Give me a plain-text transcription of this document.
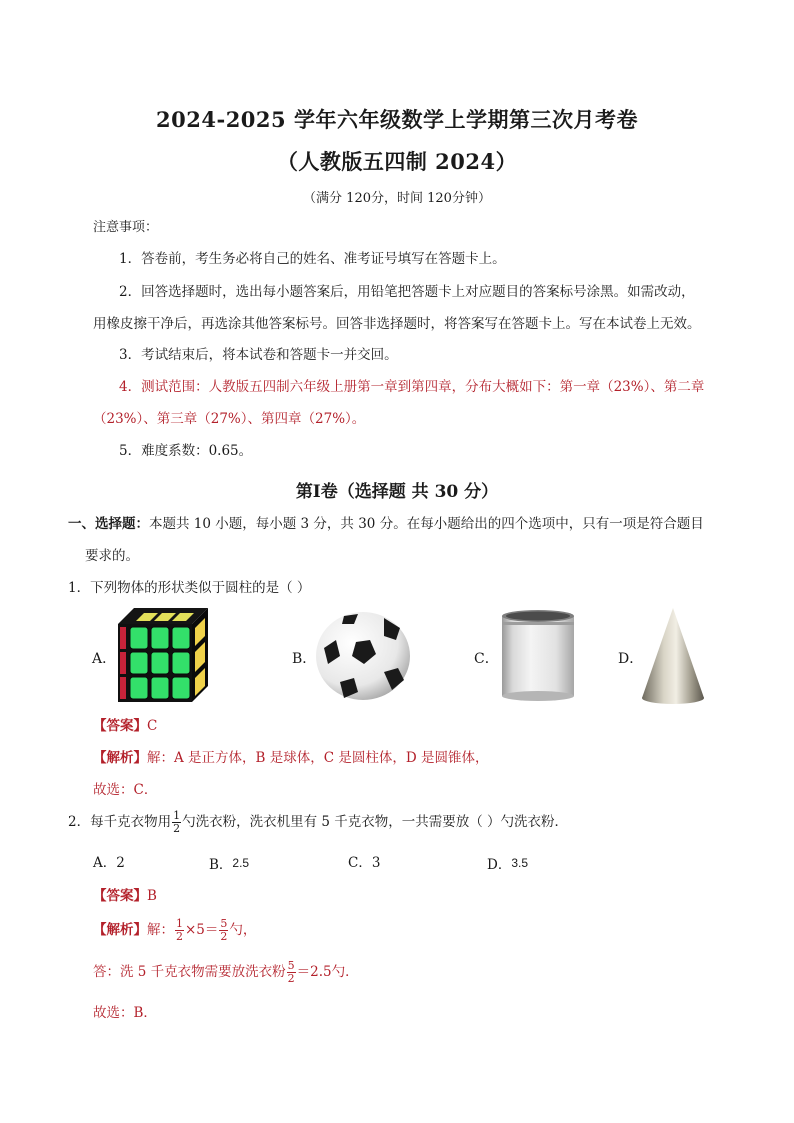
2024-2025 学年六年级数学上学期第三次月考卷
（人教版五四制 2024）
（满分 120分，时间 120分钟）
注意事项：
1．答卷前，考生务必将自己的姓名、准考证号填写在答题卡上。
2．回答选择题时，选出每小题答案后，用铅笔把答题卡上对应题目的答案标号涂黑。如需改动，
用橡皮擦干净后，再选涂其他答案标号。回答非选择题时，将答案写在答题卡上。写在本试卷上无效。
3．考试结束后，将本试卷和答题卡一并交回。
4．测试范围：人教版五四制六年级上册第一章到第四章，分布大概如下：第一章（23%）、第二章
（23%）、第三章（27%）、第四章（27%）。
5．难度系数：0.65。
第Ⅰ卷（选择题 共 30 分）
一、选择题：本题共 10 小题，每小题 3 分，共 30 分。在每小题给出的四个选项中，只有一项是符合题目
要求的。
1．下列物体的形状类似于圆柱的是（ ）
A．	B．	C．	D．
【答案】C
【解析】解：A 是正方体，B 是球体，C 是圆柱体，D 是圆锥体，
故选：C．
2．每千克衣物用 $\frac{1}{2}$ 勺洗衣粉，洗衣机里有 5 千克衣物，一共需要放（ ）勺洗衣粉．
A．2	B．2.5	C．3	D．3.5
【答案】B
【解析】解： $\frac{1}{2} \times 5= \frac{5}{2}$ 勺，
答：洗 5 千克衣物需要放洗衣粉 $\frac{5}{2} =2.5$勺．
故选：B．
